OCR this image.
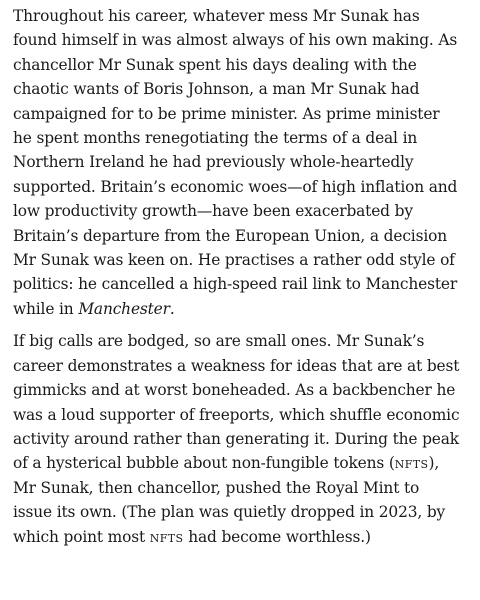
Throughout his career, whatever mess Mr Sunak has
found himself in was almost always of his own making. As
chancellor Mr Sunak spent his days dealing with the
chaotic wants of Boris Johnson, a man Mr Sunak had
campaigned for to be prime minister. As prime minister
he spent months renegotiating the terms of a deal in
Northern Ireland he had previously whole-heartedly
supported. Britain’s economic woes—of high inflation and
low productivity growth—have been exacerbated by
Britain’s departure from the European Union, a decision
Mr Sunak was keen on. He practises a rather odd style of
politics: he cancelled a high-speed rail link to Manchester
while in Manchester.

If big calls are bodged, so are small ones. Mr Sunak’s
career demonstrates a weakness for ideas that are at best
gimmicks and at worst boneheaded. As a backbencher he
was a loud supporter of freeports, which shuffle economic
activity around rather than generating it. During the peak
of a hysterical bubble about non-fungible tokens (nfts),
Mr Sunak, then chancellor, pushed the Royal Mint to
issue its own. (The plan was quietly dropped in 2023, by
which point most nfts had become worthless.)
